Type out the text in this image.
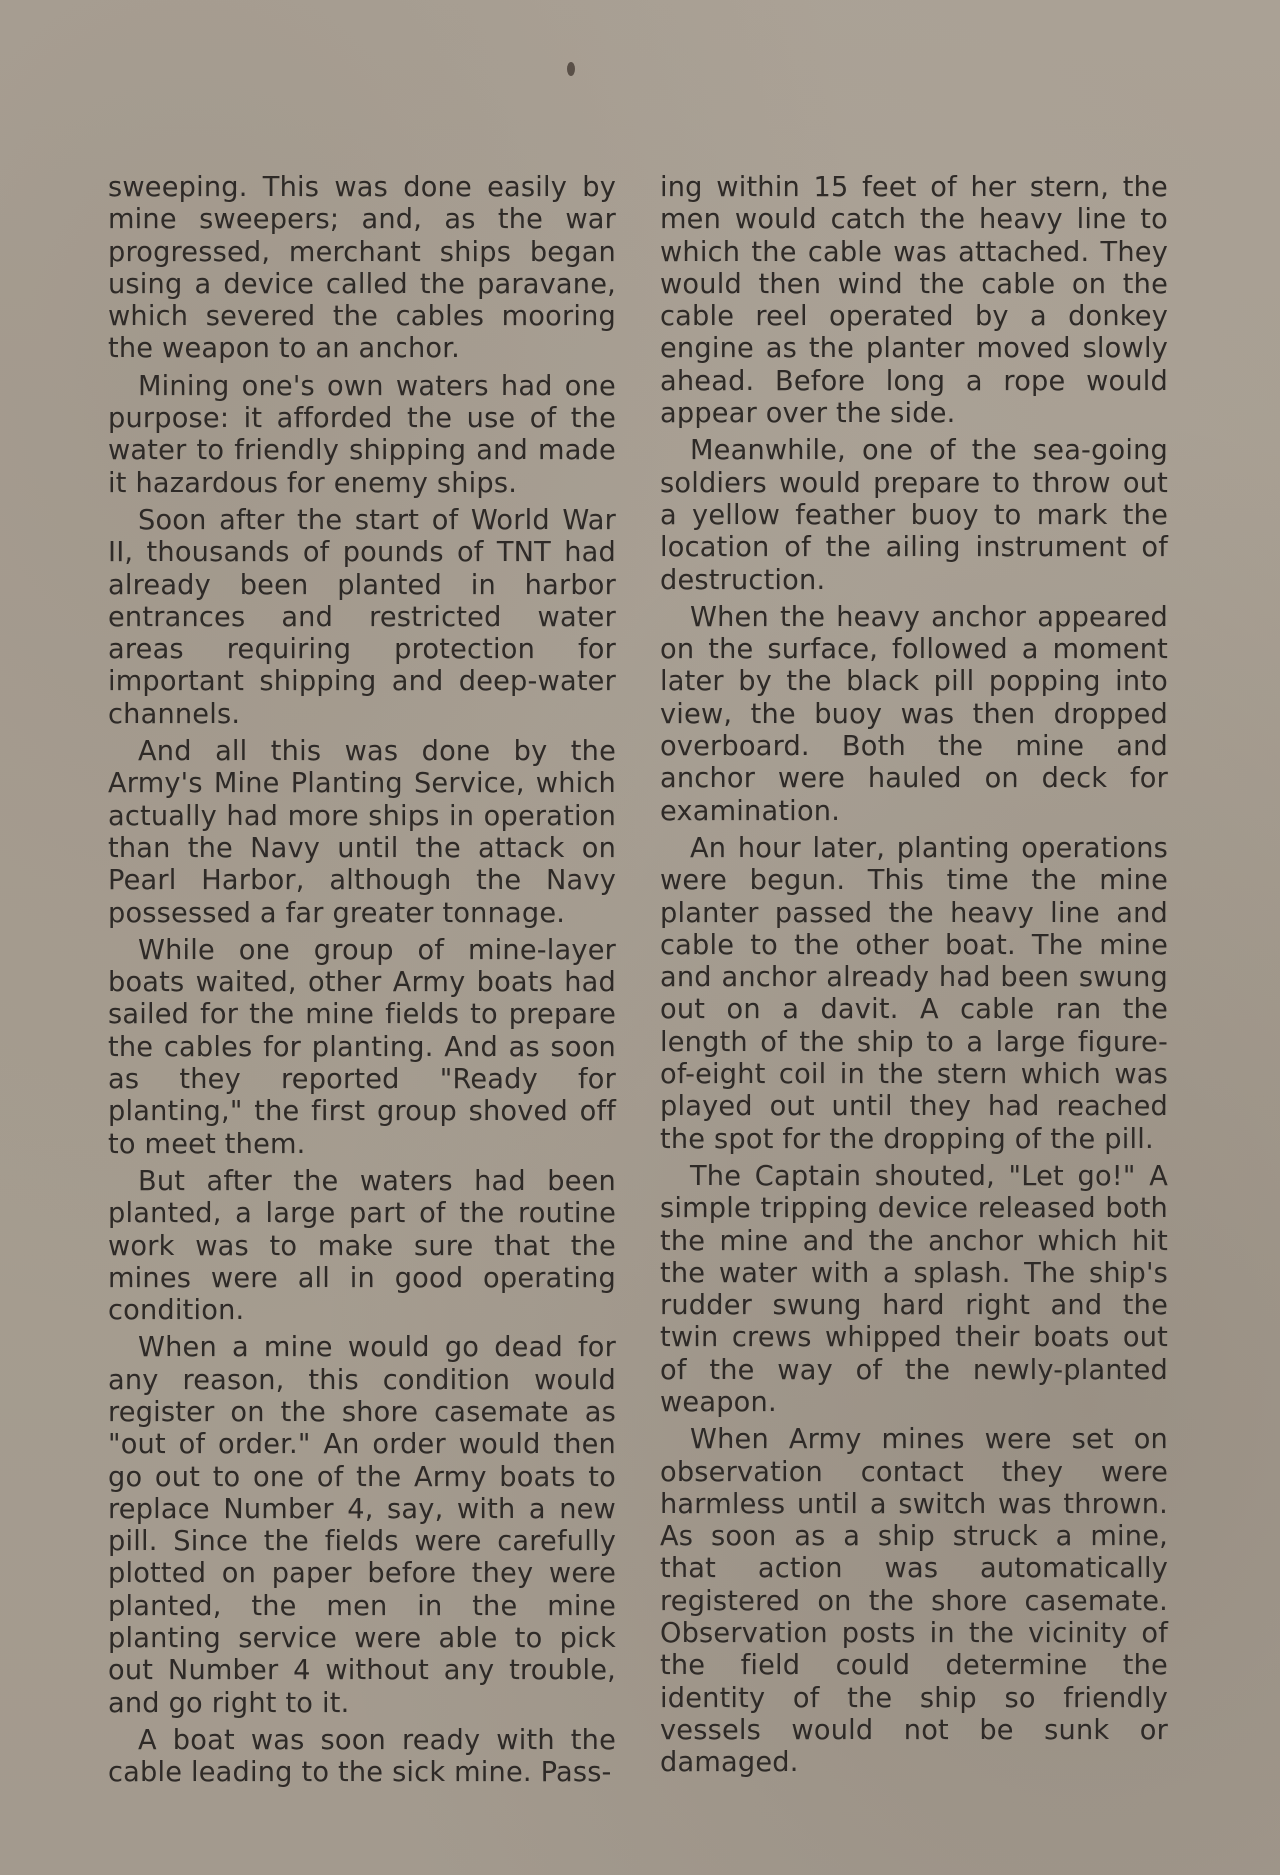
sweeping. This was done easily by mine sweepers; and, as the war progressed, merchant ships began using a device called the paravane, which severed the cables mooring the weapon to an anchor.

Mining one's own waters had one purpose: it afforded the use of the water to friendly shipping and made it hazardous for enemy ships.

Soon after the start of World War II, thousands of pounds of TNT had already been planted in harbor entrances and restricted water areas requiring protection for important shipping and deep-water channels.

And all this was done by the Army's Mine Planting Service, which actually had more ships in operation than the Navy until the attack on Pearl Harbor, although the Navy possessed a far greater tonnage.

While one group of mine-layer boats waited, other Army boats had sailed for the mine fields to prepare the cables for planting. And as soon as they reported "Ready for planting," the first group shoved off to meet them.

But after the waters had been planted, a large part of the routine work was to make sure that the mines were all in good operating condition.

When a mine would go dead for any reason, this condition would register on the shore casemate as "out of order." An order would then go out to one of the Army boats to replace Number 4, say, with a new pill. Since the fields were carefully plotted on paper before they were planted, the men in the mine planting service were able to pick out Number 4 without any trouble, and go right to it.

A boat was soon ready with the cable leading to the sick mine. Pass-

ing within 15 feet of her stern, the men would catch the heavy line to which the cable was attached. They would then wind the cable on the cable reel operated by a donkey engine as the planter moved slowly ahead. Before long a rope would appear over the side.

Meanwhile, one of the sea-going soldiers would prepare to throw out a yellow feather buoy to mark the location of the ailing instrument of destruction.

When the heavy anchor appeared on the surface, followed a moment later by the black pill popping into view, the buoy was then dropped overboard. Both the mine and anchor were hauled on deck for examination.

An hour later, planting operations were begun. This time the mine planter passed the heavy line and cable to the other boat. The mine and anchor already had been swung out on a davit. A cable ran the length of the ship to a large figure-of-eight coil in the stern which was played out until they had reached the spot for the dropping of the pill.

The Captain shouted, "Let go!" A simple tripping device released both the mine and the anchor which hit the water with a splash. The ship's rudder swung hard right and the twin crews whipped their boats out of the way of the newly-planted weapon.

When Army mines were set on observation contact they were harmless until a switch was thrown. As soon as a ship struck a mine, that action was automatically registered on the shore casemate. Observation posts in the vicinity of the field could determine the identity of the ship so friendly vessels would not be sunk or damaged.
